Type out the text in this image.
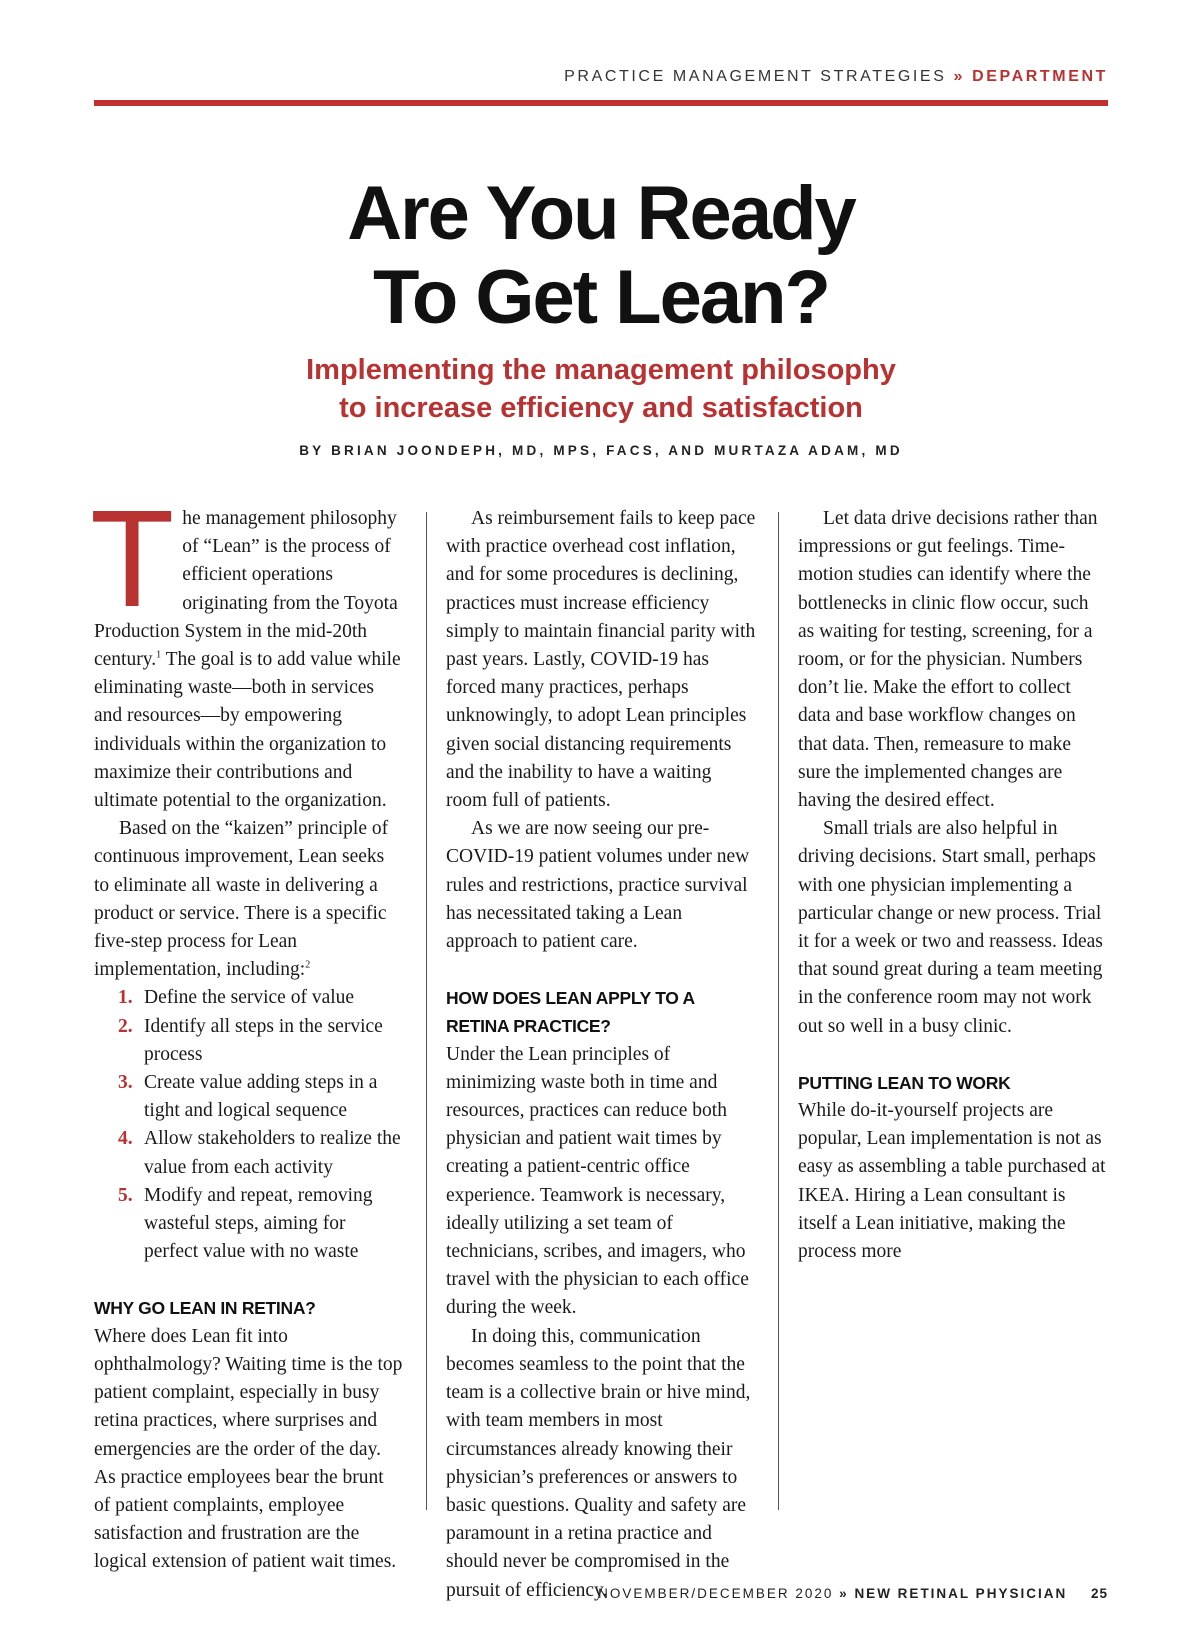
PRACTICE MANAGEMENT STRATEGIES » DEPARTMENT
Are You Ready
To Get Lean?
Implementing the management philosophy
to increase efficiency and satisfaction
BY BRIAN JOONDEPH, MD, MPS, FACS, AND MURTAZA ADAM, MD

The management philosophy of “Lean” is the process of efficient operations originating from the Toyota Production System in the mid-20th century.$^1$ The goal is to add value while eliminating waste—both in services and resources—by empowering individuals within the organization to maximize their contributions and ultimate potential to the organization.

Based on the “kaizen” principle of continuous improvement, Lean seeks to eliminate all waste in delivering a product or service. There is a specific five-step process for Lean implementation, including:$^2$

1. Define the service of value
2. Identify all steps in the service process
3. Create value adding steps in a tight and logical sequence
4. Allow stakeholders to realize the value from each activity
5. Modify and repeat, removing wasteful steps, aiming for perfect value with no waste
WHY GO LEAN IN RETINA?

Where does Lean fit into ophthalmology? Waiting time is the top patient complaint, especially in busy retina practices, where surprises and emergencies are the order of the day. As practice employees bear the brunt of patient complaints, employee satisfaction and frustration are the logical extension of patient wait times.

As reimbursement fails to keep pace with practice overhead cost inflation, and for some procedures is declining, practices must increase efficiency simply to maintain financial parity with past years. Lastly, COVID-19 has forced many practices, perhaps unknowingly, to adopt Lean principles given social distancing requirements and the inability to have a waiting room full of patients.

As we are now seeing our pre-COVID-19 patient volumes under new rules and restrictions, practice survival has necessitated taking a Lean approach to patient care.

HOW DOES LEAN APPLY TO A RETINA PRACTICE?

Under the Lean principles of minimizing waste both in time and resources, practices can reduce both physician and patient wait times by creating a patient-centric office experience. Teamwork is necessary, ideally utilizing a set team of technicians, scribes, and imagers, who travel with the physician to each office during the week.

In doing this, communication becomes seamless to the point that the team is a collective brain or hive mind, with team members in most circumstances already knowing their physician’s preferences or answers to basic questions. Quality and safety are paramount in a retina practice and should never be compromised in the pursuit of efficiency.

Let data drive decisions rather than impressions or gut feelings. Time-motion studies can identify where the bottlenecks in clinic flow occur, such as waiting for testing, screening, for a room, or for the physician. Numbers don’t lie. Make the effort to collect data and base workflow changes on that data. Then, remeasure to make sure the implemented changes are having the desired effect.

Small trials are also helpful in driving decisions. Start small, perhaps with one physician implementing a particular change or new process. Trial it for a week or two and reassess. Ideas that sound great during a team meeting in the conference room may not work out so well in a busy clinic.

PUTTING LEAN TO WORK

While do-it-yourself projects are popular, Lean implementation is not as easy as assembling a table purchased at IKEA. Hiring a Lean consultant is itself a Lean initiative, making the process more

NOVEMBER/DECEMBER 2020 » NEW RETINAL PHYSICIAN 25
